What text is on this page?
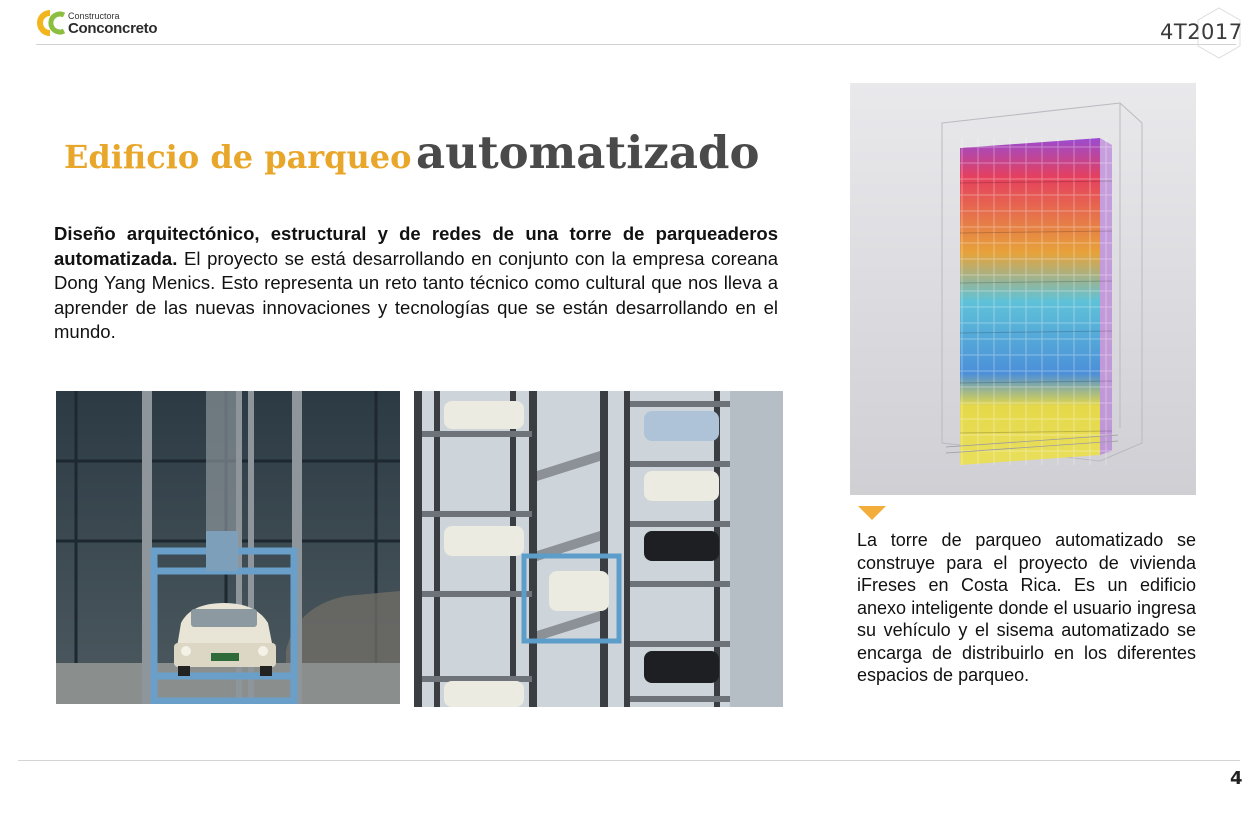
Constructora
Conconcreto	4T2017
Edificio de parqueo automatizado
Diseño arquitectónico, estructural y de redes de una torre de parqueaderos automatizada. El proyecto se está desarrollando en conjunto con la empresa coreana Dong Yang Menics. Esto representa un reto tanto técnico como cultural que nos lleva a aprender de las nuevas innovaciones y tecnologías que se están desarrollando en el mundo.
La torre de parqueo automatizado se construye para el proyecto de vivienda iFreses en Costa Rica. Es un edificio anexo inteligente donde el usuario ingresa su vehículo y el sisema automatizado se encarga de distribuirlo en los diferentes espacios de parqueo.
4
